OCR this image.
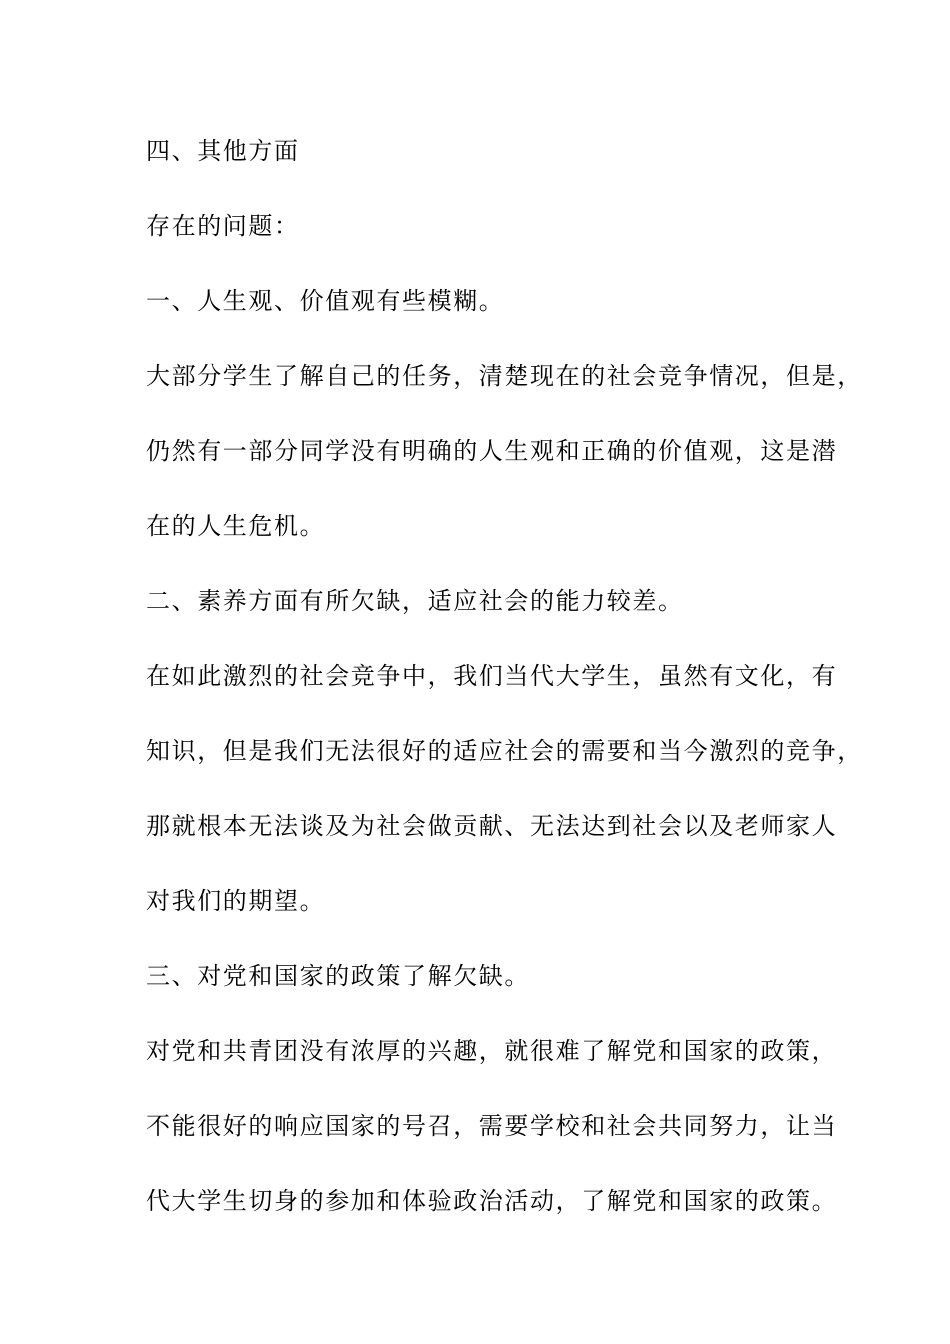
四、其他方面
存在的问题：
一、人生观、价值观有些模糊。
大部分学生了解自己的任务，清楚现在的社会竞争情况，但是，
仍然有一部分同学没有明确的人生观和正确的价值观，这是潜
在的人生危机。
二、素养方面有所欠缺，适应社会的能力较差。
在如此激烈的社会竞争中，我们当代大学生，虽然有文化，有
知识，但是我们无法很好的适应社会的需要和当今激烈的竞争，
那就根本无法谈及为社会做贡献、无法达到社会以及老师家人
对我们的期望。
三、对党和国家的政策了解欠缺。
对党和共青团没有浓厚的兴趣，就很难了解党和国家的政策，
不能很好的响应国家的号召，需要学校和社会共同努力，让当
代大学生切身的参加和体验政治活动，了解党和国家的政策。
